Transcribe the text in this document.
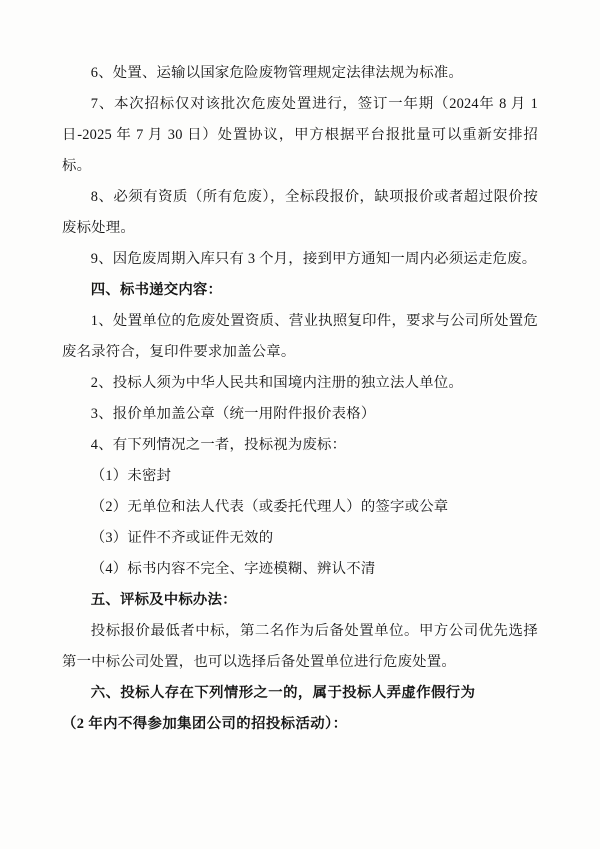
6、处置、运输以国家危险废物管理规定法律法规为标准。

7、本次招标仅对该批次危废处置进行，签订一年期（2024年 8 月 1 日-2025 年 7 月 30 日）处置协议，甲方根据平台报批量可以重新安排招标。

8、必须有资质（所有危废），全标段报价，缺项报价或者超过限价按废标处理。

9、因危废周期入库只有 3 个月，接到甲方通知一周内必须运走危废。

四、标书递交内容：

1、处置单位的危废处置资质、营业执照复印件，要求与公司所处置危废名录符合，复印件要求加盖公章。

2、投标人须为中华人民共和国境内注册的独立法人单位。

3、报价单加盖公章（统一用附件报价表格）

4、有下列情况之一者，投标视为废标：

（1）未密封

（2）无单位和法人代表（或委托代理人）的签字或公章

（3）证件不齐或证件无效的

（4）标书内容不完全、字迹模糊、辨认不清

五、评标及中标办法：

投标报价最低者中标，第二名作为后备处置单位。甲方公司优先选择第一中标公司处置，也可以选择后备处置单位进行危废处置。

六、投标人存在下列情形之一的，属于投标人弄虚作假行为

（2 年内不得参加集团公司的招投标活动）：
